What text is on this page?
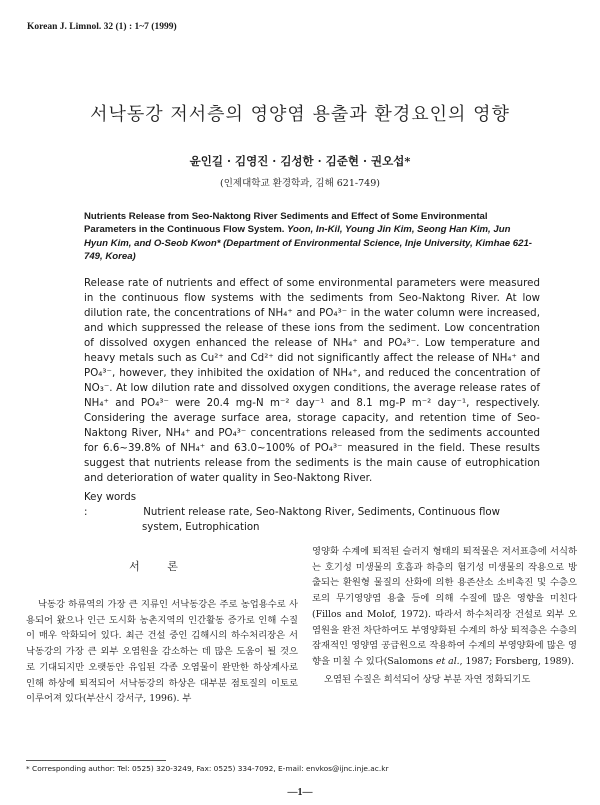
Korean J. Limnol. 32 (1) : 1~7 (1999)
서낙동강 저서층의 영양염 용출과 환경요인의 영향
윤인길 · 김영진 · 김성한 · 김준현 · 권오섭*
(인제대학교 환경학과, 김해 621-749)
Nutrients Release from Seo-Naktong River Sediments and Effect of Some Environmental Parameters in the Continuous Flow System. Yoon, In-Kil, Young Jin Kim, Seong Han Kim, Jun Hyun Kim, and O-Seob Kwon* (Department of Environmental Science, Inje University, Kimhae 621-749, Korea)

Release rate of nutrients and effect of some environmental parameters were measured in the continuous flow systems with the sediments from Seo-Naktong River. At low dilution rate, the concentrations of NH₄⁺ and PO₄³⁻ in the water column were increased, and which suppressed the release of these ions from the sediment. Low concentration of dissolved oxygen enhanced the release of NH₄⁺ and PO₄³⁻. Low temperature and heavy metals such as Cu²⁺ and Cd²⁺ did not significantly affect the release of NH₄⁺ and PO₄³⁻, however, they inhibited the oxidation of NH₄⁺, and reduced the concentration of NO₃⁻. At low dilution rate and dissolved oxygen conditions, the average release rates of NH₄⁺ and PO₄³⁻ were 20.4 mg-N m⁻² day⁻¹ and 8.1 mg-P m⁻² day⁻¹, respectively. Considering the average surface area, storage capacity, and retention time of Seo-Naktong River, NH₄⁺ and PO₄³⁻ concentrations released from the sediments accounted for 6.6~39.8% of NH₄⁺ and 63.0~100% of PO₄³⁻ measured in the field. These results suggest that nutrients release from the sediments is the main cause of eutrophication and deterioration of water quality in Seo-Naktong River.

Key words :	Nutrient release rate, Seo-Naktong River, Sediments, Continuous flow

system, Eutrophication
서 론

낙동강 하류역의 가장 큰 지류인 서낙동강은 주로 농업용수로 사용되어 왔으나 인근 도시화 농촌지역의 인간활동 증가로 인해 수질이 매우 악화되어 있다. 최근 건설 중인 김해시의 하수처리장은 서낙동강의 가장 큰 외부 오염원을 감소하는 데 많은 도움이 될 것으로 기대되지만 오랫동안 유입된 각종 오염물이 완만한 하상계사로 인해 하상에 퇴적되어 서낙동강의 하상은 대부분 점토질의 이토로 이루어져 있다(부산시 강서구, 1996). 부

영양화 수계에 퇴적된 슬러지 형태의 퇴적물은 저서표층에 서식하는 호기성 미생물의 호흡과 하층의 혐기성 미생물의 작용으로 방출되는 환원형 물질의 산화에 의한 용존산소 소비촉진 및 수층으로의 무기영양염 용출 등에 의해 수질에 많은 영향을 미친다(Fillos and Molof, 1972). 따라서 하수처리장 건설로 외부 오염원을 완전 차단하여도 부영양화된 수계의 하상 퇴적층은 수층의 잠재적인 영양염 공급원으로 작용하여 수계의 부영양화에 많은 영향을 미칠 수 있다(Salomons et al., 1987; Forsberg, 1989).

오염된 수질은 희석되어 상당 부분 자연 정화되기도

* Corresponding author: Tel: 0525) 320-3249, Fax: 0525) 334-7092, E-mail: envkos@ijnc.inje.ac.kr
—1—
